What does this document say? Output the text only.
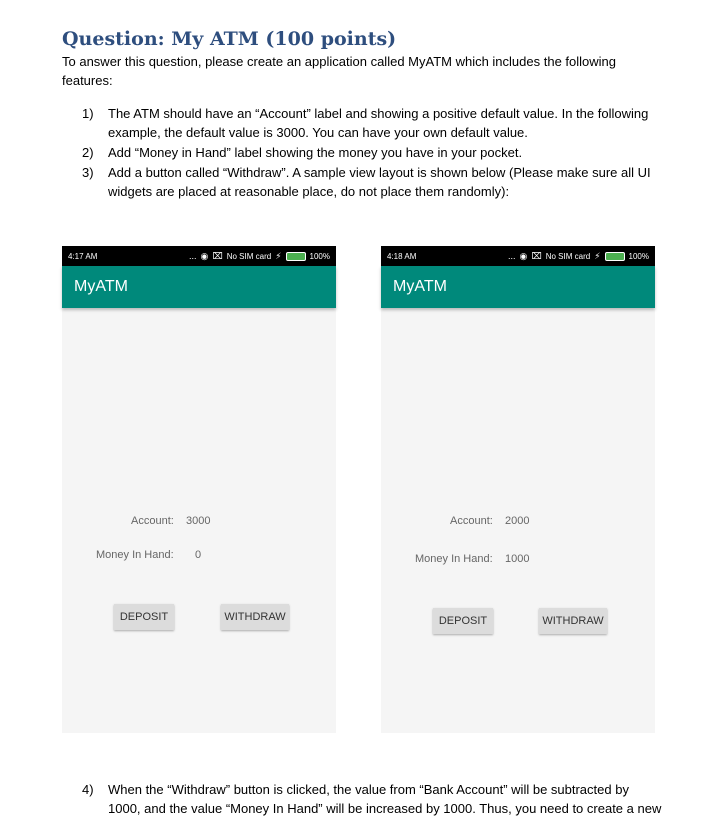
Question: My ATM (100 points)
To answer this question, please create an application called MyATM which includes the following features:
1) The ATM should have an “Account” label and showing a positive default value. In the following example, the default value is 3000. You can have your own default value.
2) Add “Money in Hand” label showing the money you have in your pocket.
3) Add a button called “Withdraw”. A sample view layout is shown below (Please make sure all UI widgets are placed at reasonable place, do not place them randomly):
4:17 AM	... ◉ ⌧ No SIM card ⚡	100%
MyATM
Account: 3000
Money In Hand: 0
DEPOSIT	WITHDRAW
4:18 AM	... ◉ ⌧ No SIM card ⚡	100%
MyATM
Account: 2000
Money In Hand: 1000
DEPOSIT	WITHDRAW
4) When the “Withdraw” button is clicked, the value from “Bank Account” will be subtracted by 1000, and the value “Money In Hand” will be increased by 1000. Thus, you need to create a new
